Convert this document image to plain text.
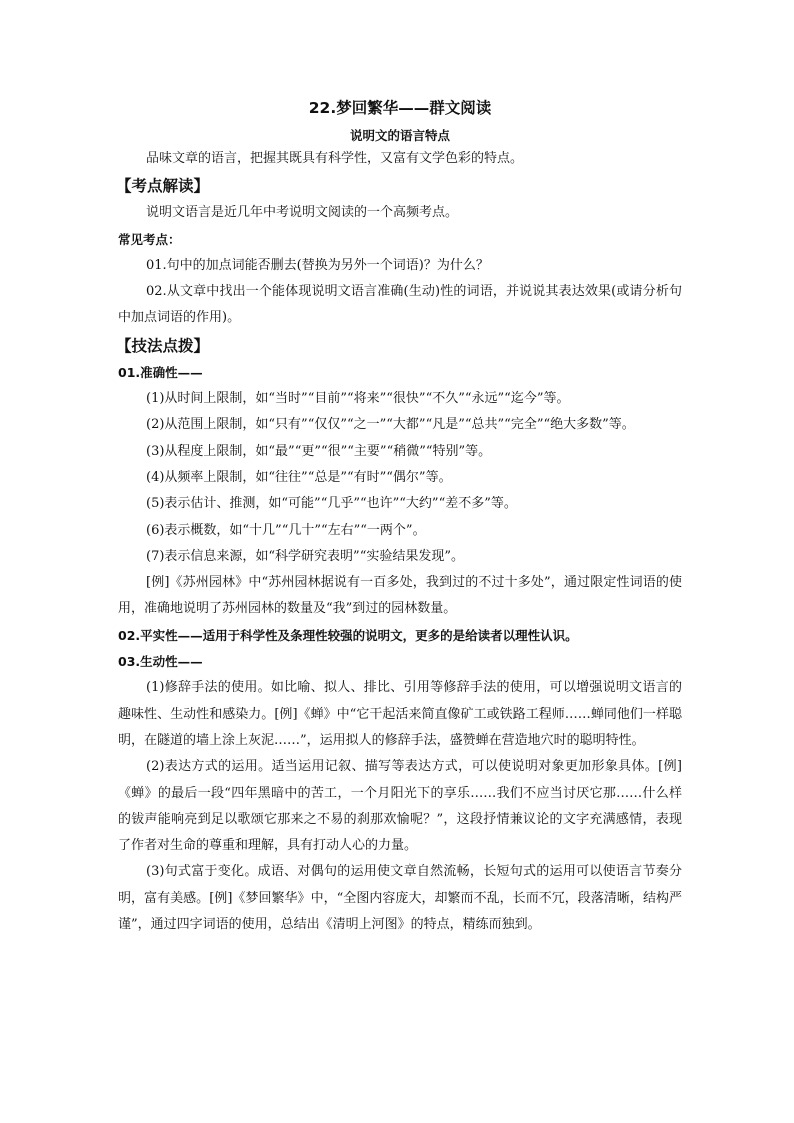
22.梦回繁华——群文阅读
说明文的语言特点

品味文章的语言，把握其既具有科学性，又富有文学色彩的特点。

【考点解读】

说明文语言是近几年中考说明文阅读的一个高频考点。

常见考点：

01.句中的加点词能否删去(替换为另外一个词语)？为什么？

02.从文章中找出一个能体现说明文语言准确(生动)性的词语，并说说其表达效果(或请分析句中加点词语的作用)。

【技法点拨】

01.准确性——

(1)从时间上限制，如“当时”“目前”“将来”“很快”“不久”“永远”“迄今”等。

(2)从范围上限制，如“只有”“仅仅”“之一”“大都”“凡是”“总共”“完全”“绝大多数”等。

(3)从程度上限制，如“最”“更”“很”“主要”“稍微”“特别”等。

(4)从频率上限制，如“往往”“总是”“有时”“偶尔”等。

(5)表示估计、推测，如“可能”“几乎”“也许”“大约”“差不多”等。

(6)表示概数，如“十几”“几十”“左右”“一两个”。

(7)表示信息来源，如“科学研究表明”“实验结果发现”。

[例]《苏州园林》中“苏州园林据说有一百多处，我到过的不过十多处”，通过限定性词语的使用，准确地说明了苏州园林的数量及“我”到过的园林数量。

02.平实性——适用于科学性及条理性较强的说明文，更多的是给读者以理性认识。

03.生动性——

(1)修辞手法的使用。如比喻、拟人、排比、引用等修辞手法的使用，可以增强说明文语言的趣味性、生动性和感染力。[例]《蝉》中“它干起活来简直像矿工或铁路工程师……蝉同他们一样聪明，在隧道的墙上涂上灰泥……”，运用拟人的修辞手法，盛赞蝉在营造地穴时的聪明特性。

(2)表达方式的运用。适当运用记叙、描写等表达方式，可以使说明对象更加形象具体。[例]《蝉》的最后一段“四年黑暗中的苦工，一个月阳光下的享乐……我们不应当讨厌它那……什么样的钹声能响亮到足以歌颂它那来之不易的刹那欢愉呢？”，这段抒情兼议论的文字充满感情，表现了作者对生命的尊重和理解，具有打动人心的力量。

(3)句式富于变化。成语、对偶句的运用使文章自然流畅，长短句式的运用可以使语言节奏分明，富有美感。[例]《梦回繁华》中，“全图内容庞大，却繁而不乱，长而不冗，段落清晰，结构严谨”，通过四字词语的使用，总结出《清明上河图》的特点，精练而独到。
